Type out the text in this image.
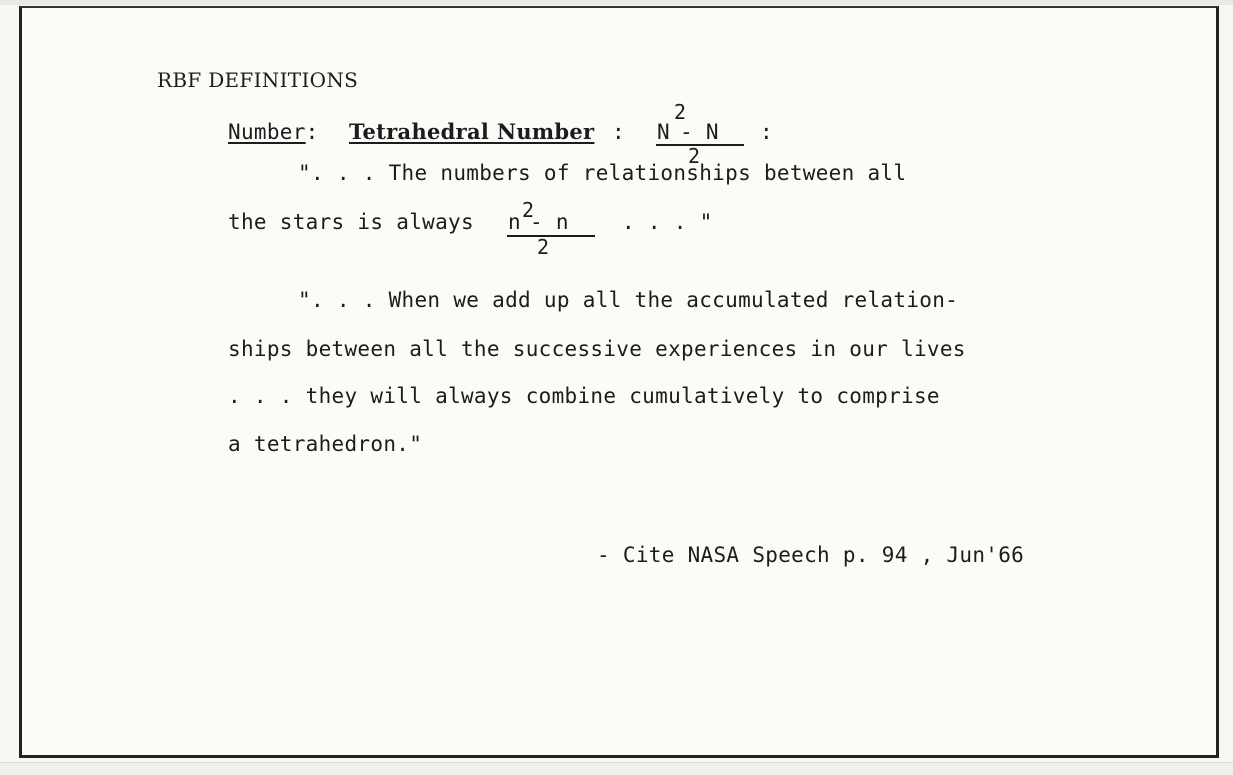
RBF DEFINITIONS
Number: Tetrahedral Number : N
2
- N
2
:
". . . The numbers of relationships between all
the stars is always n 2
- n
2
. . . "
". . . When we add up all the accumulated relation-
ships between all the successive experiences in our lives
. . . they will always combine cumulatively to comprise
a tetrahedron."
- Cite NASA Speech p. 94 , Jun'66
